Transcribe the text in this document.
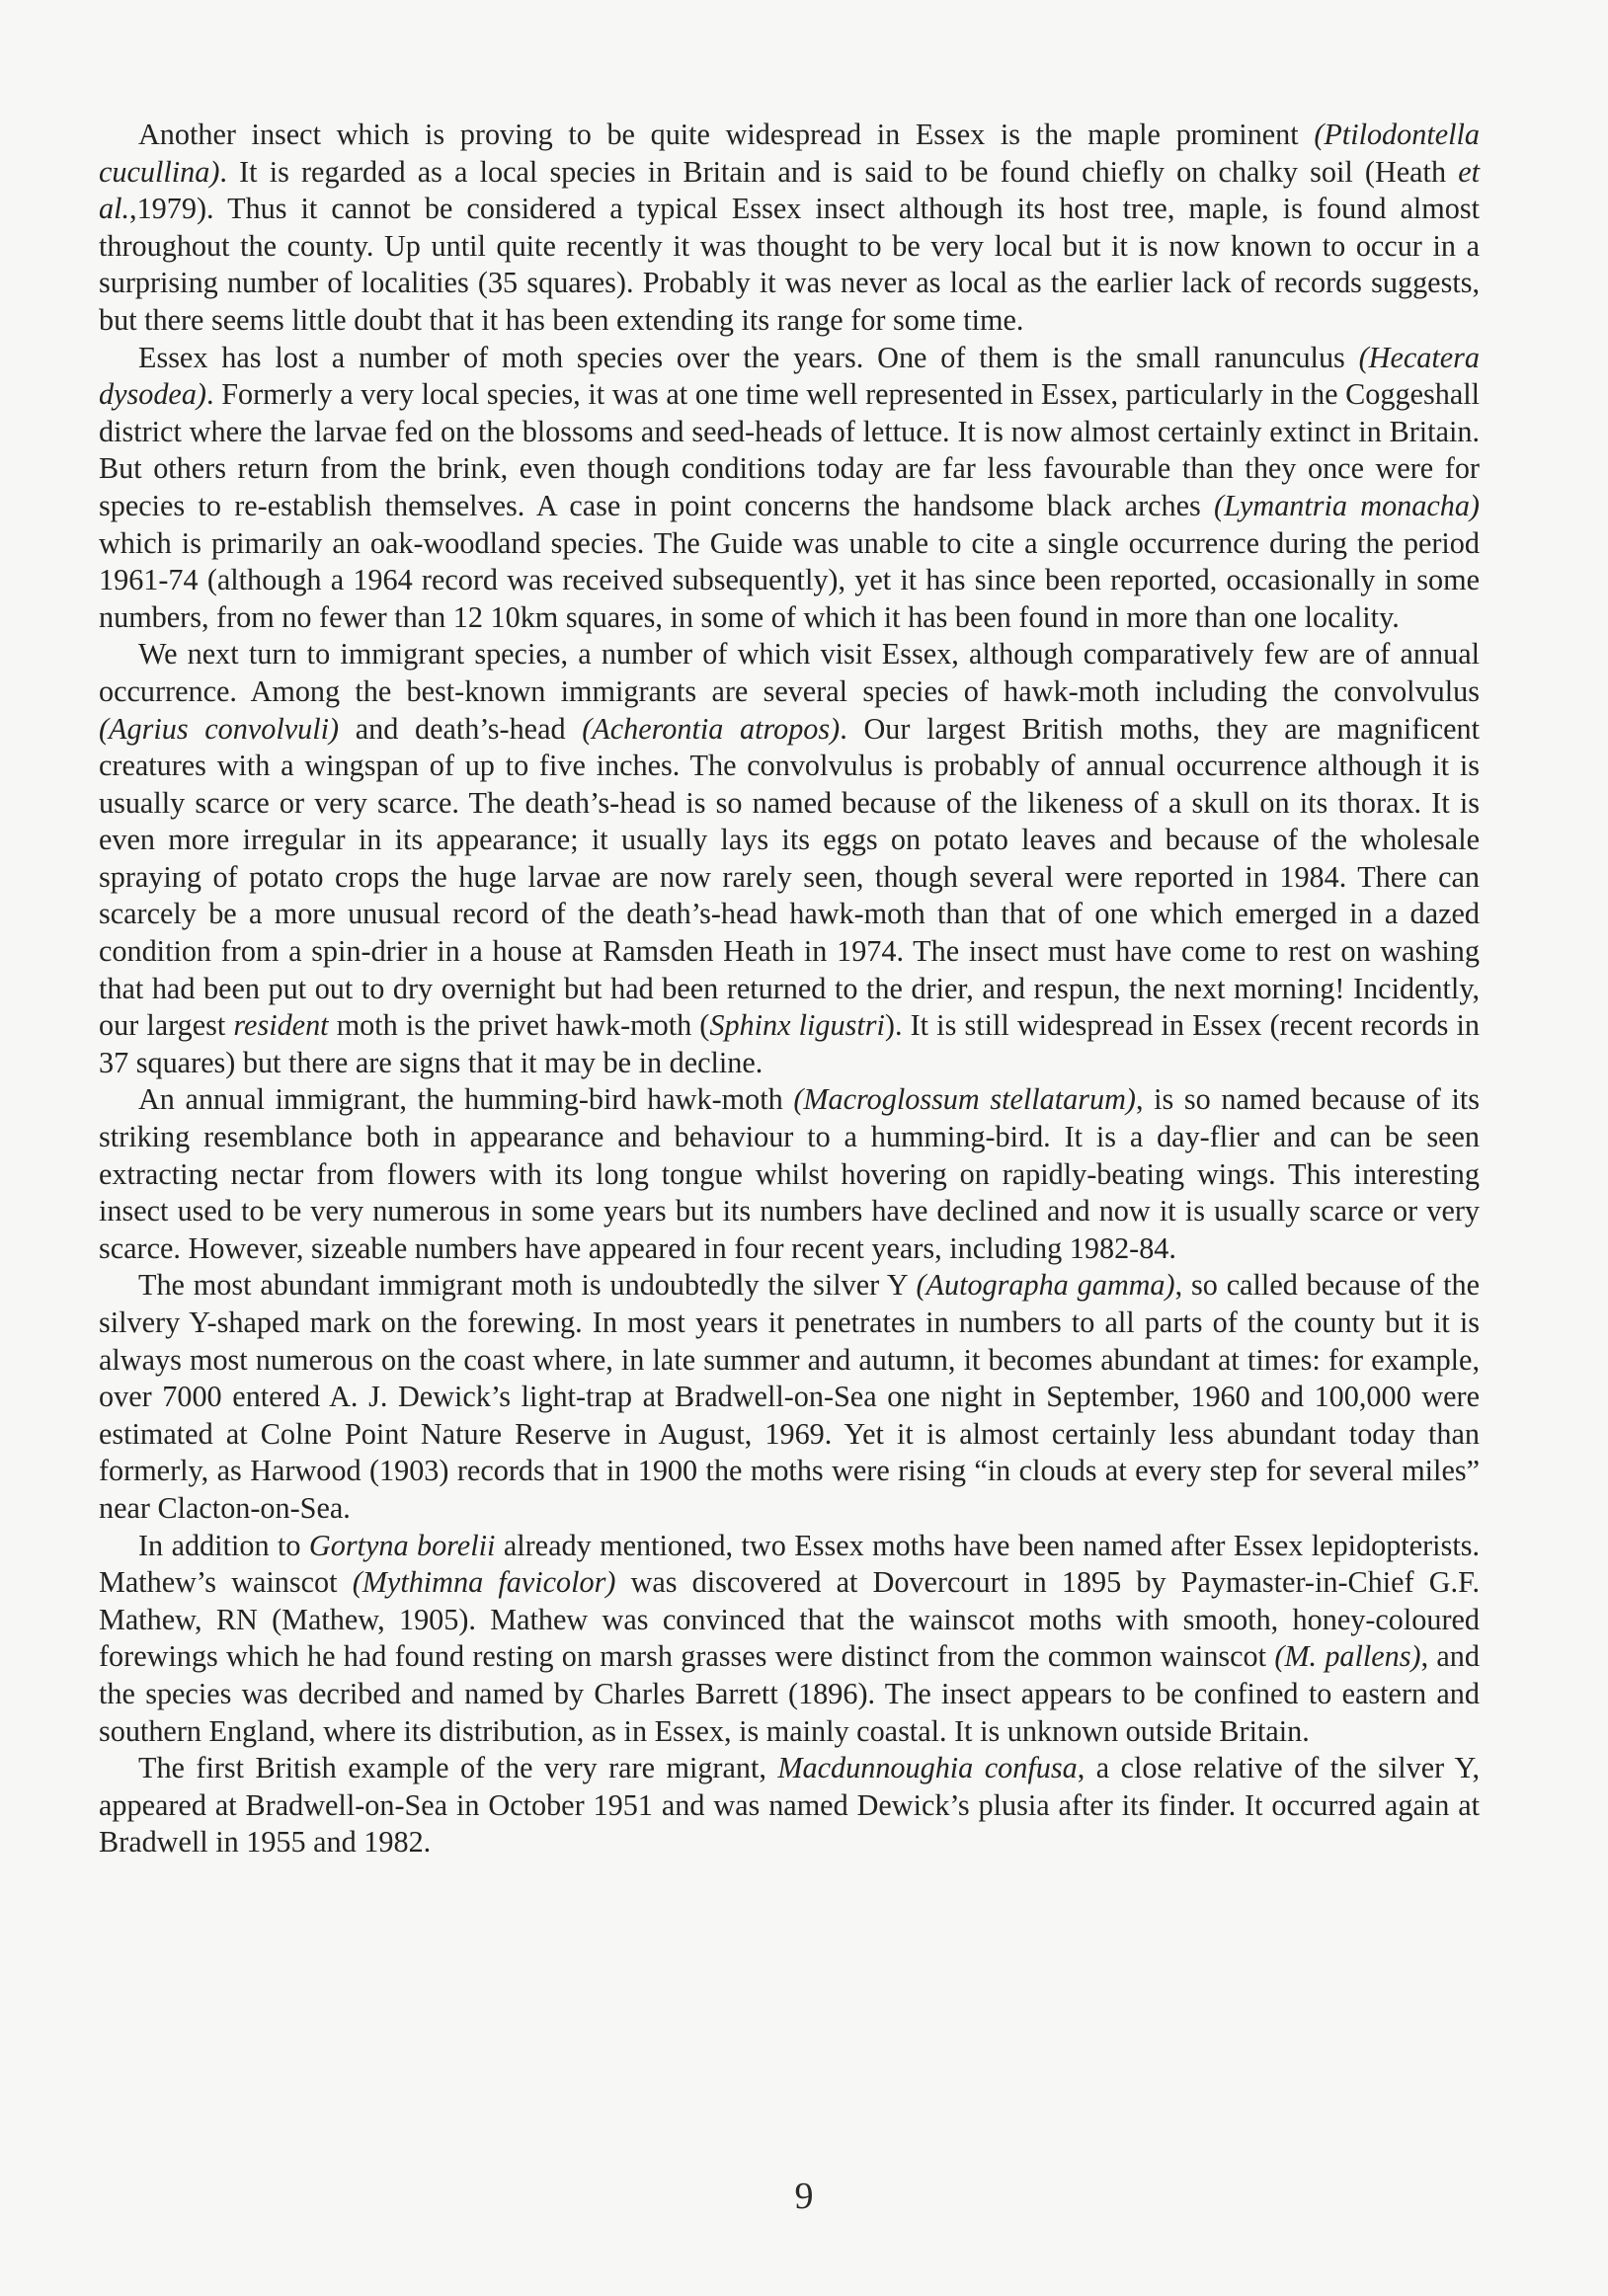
Another insect which is proving to be quite widespread in Essex is the maple prominent (Ptilodontella cucullina). It is regarded as a local species in Britain and is said to be found chiefly on chalky soil (Heath et al.,1979). Thus it cannot be considered a typical Essex insect although its host tree, maple, is found almost throughout the county. Up until quite recently it was thought to be very local but it is now known to occur in a surprising number of localities (35 squares). Probably it was never as local as the earlier lack of records suggests, but there seems little doubt that it has been extending its range for some time.

Essex has lost a number of moth species over the years. One of them is the small ranunculus (Hecatera dysodea). Formerly a very local species, it was at one time well represented in Essex, particularly in the Coggeshall district where the larvae fed on the blossoms and seed-heads of lettuce. It is now almost certainly extinct in Britain. But others return from the brink, even though conditions today are far less favourable than they once were for species to re-establish themselves. A case in point concerns the handsome black arches (Lymantria monacha) which is primarily an oak-woodland species. The Guide was unable to cite a single occurrence during the period 1961-74 (although a 1964 record was received subsequently), yet it has since been reported, occasionally in some numbers, from no fewer than 12 10km squares, in some of which it has been found in more than one locality.

We next turn to immigrant species, a number of which visit Essex, although comparatively few are of annual occurrence. Among the best-known immigrants are several species of hawk-moth including the convolvulus (Agrius convolvuli) and death’s-head (Acherontia atropos). Our largest British moths, they are magnificent creatures with a wingspan of up to five inches. The convolvulus is probably of annual occurrence although it is usually scarce or very scarce. The death’s-head is so named because of the likeness of a skull on its thorax. It is even more irregular in its appearance; it usually lays its eggs on potato leaves and because of the wholesale spraying of potato crops the huge larvae are now rarely seen, though several were reported in 1984. There can scarcely be a more unusual record of the death’s-head hawk-moth than that of one which emerged in a dazed condition from a spin-drier in a house at Ramsden Heath in 1974. The insect must have come to rest on washing that had been put out to dry overnight but had been returned to the drier, and respun, the next morning! Incidently, our largest resident moth is the privet hawk-moth (Sphinx ligustri). It is still widespread in Essex (recent records in 37 squares) but there are signs that it may be in decline.

An annual immigrant, the humming-bird hawk-moth (Macroglossum stellatarum), is so named because of its striking resemblance both in appearance and behaviour to a humming-bird. It is a day-flier and can be seen extracting nectar from flowers with its long tongue whilst hovering on rapidly-beating wings. This interesting insect used to be very numerous in some years but its numbers have declined and now it is usually scarce or very scarce. However, sizeable numbers have appeared in four recent years, including 1982-84.

The most abundant immigrant moth is undoubtedly the silver Y (Autographa gamma), so called because of the silvery Y-shaped mark on the forewing. In most years it penetrates in numbers to all parts of the county but it is always most numerous on the coast where, in late summer and autumn, it becomes abundant at times: for example, over 7000 entered A. J. Dewick’s light-trap at Bradwell-on-Sea one night in September, 1960 and 100,000 were estimated at Colne Point Nature Reserve in August, 1969. Yet it is almost certainly less abundant today than formerly, as Harwood (1903) records that in 1900 the moths were rising “in clouds at every step for several miles” near Clacton-on-Sea.

In addition to Gortyna borelii already mentioned, two Essex moths have been named after Essex lepidopterists. Mathew’s wainscot (Mythimna favicolor) was discovered at Dovercourt in 1895 by Paymaster-in-Chief G.F. Mathew, RN (Mathew, 1905). Mathew was convinced that the wainscot moths with smooth, honey-coloured forewings which he had found resting on marsh grasses were distinct from the common wainscot (M. pallens), and the species was decribed and named by Charles Barrett (1896). The insect appears to be confined to eastern and southern England, where its distribution, as in Essex, is mainly coastal. It is unknown outside Britain.

The first British example of the very rare migrant, Macdunnoughia confusa, a close relative of the silver Y, appeared at Bradwell-on-Sea in October 1951 and was named Dewick’s plusia after its finder. It occurred again at Bradwell in 1955 and 1982.

9
